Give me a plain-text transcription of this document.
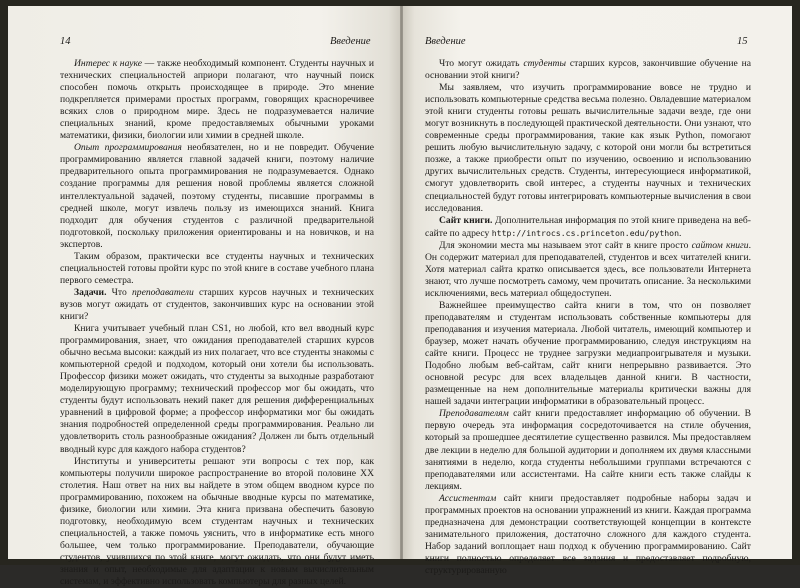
14	Введение

Интерес к науке — также необходимый компонент. Студенты научных и технических специальностей априори полагают, что научный поиск способен помочь открыть происходящее в природе. Это мнение подкрепляется примерами простых программ, говорящих красноречивее всяких слов о природном мире. Здесь не подразумевается наличие специальных знаний, кроме предоставляемых обычными уроками математики, физики, биологии или химии в средней школе.

Опыт программирования необязателен, но и не повредит. Обучение программированию является главной задачей книги, поэтому наличие предварительного опыта программирования не подразумевается. Однако создание программы для решения новой проблемы является сложной интеллектуальной задачей, поэтому студенты, писавшие программы в средней школе, могут извлечь пользу из имеющихся знаний. Книга подходит для обучения студентов с различной предварительной подготовкой, поскольку приложения ориентированы и на новичков, и на экспертов.

Таким образом, практически все студенты научных и технических специальностей готовы пройти курс по этой книге в составе учебного плана первого семестра.

Задачи. Что преподаватели старших курсов научных и технических вузов могут ожидать от студентов, закончивших курс на основании этой книги?

Книга учитывает учебный план CS1, но любой, кто вел вводный курс программирования, знает, что ожидания преподавателей старших курсов обычно весьма высоки: каждый из них полагает, что все студенты знакомы с компьютерной средой и подходом, который они хотели бы использовать. Профессор физики может ожидать, что студенты за выходные разработают моделирующую программу; технический профессор мог бы ожидать, что студенты будут использовать некий пакет для решения дифференциальных уравнений в цифровой форме; а профессор информатики мог бы ожидать знания подробностей определенной среды программирования. Реально ли удовлетворить столь разнообразные ожидания? Должен ли быть отдельный вводный курс для каждого набора студентов?

Институты и университеты решают эти вопросы с тех пор, как компьютеры получили широкое распространение во второй половине XX столетия. Наш ответ на них вы найдете в этом общем вводном курсе по программированию, похожем на обычные вводные курсы по математике, физике, биологии или химии. Эта книга призвана обеспечить базовую подготовку, необходимую всем студентам научных и технических специальностей, а также помочь уяснить, что в информатике есть много большее, чем только программирование. Преподаватели, обучающие студентов, учившихся по этой книге, могут ожидать, что они будут иметь знания и опыт, необходимые для адаптации к новым вычислительным системам, и эффективно использовать компьютеры для разных целей.

Введение	15

Что могут ожидать студенты старших курсов, закончившие обучение на основании этой книги?

Мы заявляем, что изучить программирование вовсе не трудно и использовать компьютерные средства весьма полезно. Овладевшие материалом этой книги студенты готовы решать вычислительные задачи везде, где они могут возникнуть в последующей практической деятельности. Они узнают, что современные среды программирования, такие как язык Python, помогают решить любую вычислительную задачу, с которой они могли бы встретиться позже, а также приобрести опыт по изучению, освоению и использованию других вычислительных средств. Студенты, интересующиеся информатикой, смогут удовлетворить свой интерес, а студенты научных и технических специальностей будут готовы интегрировать компьютерные вычисления в свои исследования.

Сайт книги. Дополнительная информация по этой книге приведена на веб-сайте по адресу http://introcs.cs.princeton.edu/python.

Для экономии места мы называем этот сайт в книге просто сайтом книги. Он содержит материал для преподавателей, студентов и всех читателей книги. Хотя материал сайта кратко описывается здесь, все пользователи Интернета знают, что лучше посмотреть самому, чем прочитать описание. За несколькими исключениями, весь материал общедоступен.

Важнейшее преимущество сайта книги в том, что он позволяет преподавателям и студентам использовать собственные компьютеры для преподавания и изучения материала. Любой читатель, имеющий компьютер и браузер, может начать обучение программированию, следуя инструкциям на сайте книги. Процесс не труднее загрузки медиапроигрывателя и музыки. Подобно любым веб-сайтам, сайт книги непрерывно развивается. Это основной ресурс для всех владельцев данной книги. В частности, размещенные на нем дополнительные материалы критически важны для нашей задачи интеграции информатики в образовательный процесс.

Преподавателям сайт книги предоставляет информацию об обучении. В первую очередь эта информация сосредоточивается на стиле обучения, который за прошедшее десятилетие существенно развился. Мы предоставляем две лекции в неделю для большой аудитории и дополняем их двумя классными занятиями в неделю, когда студенты небольшими группами встречаются с преподавателями или ассистентами. На сайте книги есть также слайды к лекциям.

Ассистентам сайт книги предоставляет подробные наборы задач и программных проектов на основании упражнений из книги. Каждая программа предназначена для демонстрации соответствующей концепции в контексте занимательного приложения, достаточно сложного для каждого студента. Набор заданий воплощает наш подход к обучению программированию. Сайт книги полностью определяет все задания и предоставляет подробную, структурированную
